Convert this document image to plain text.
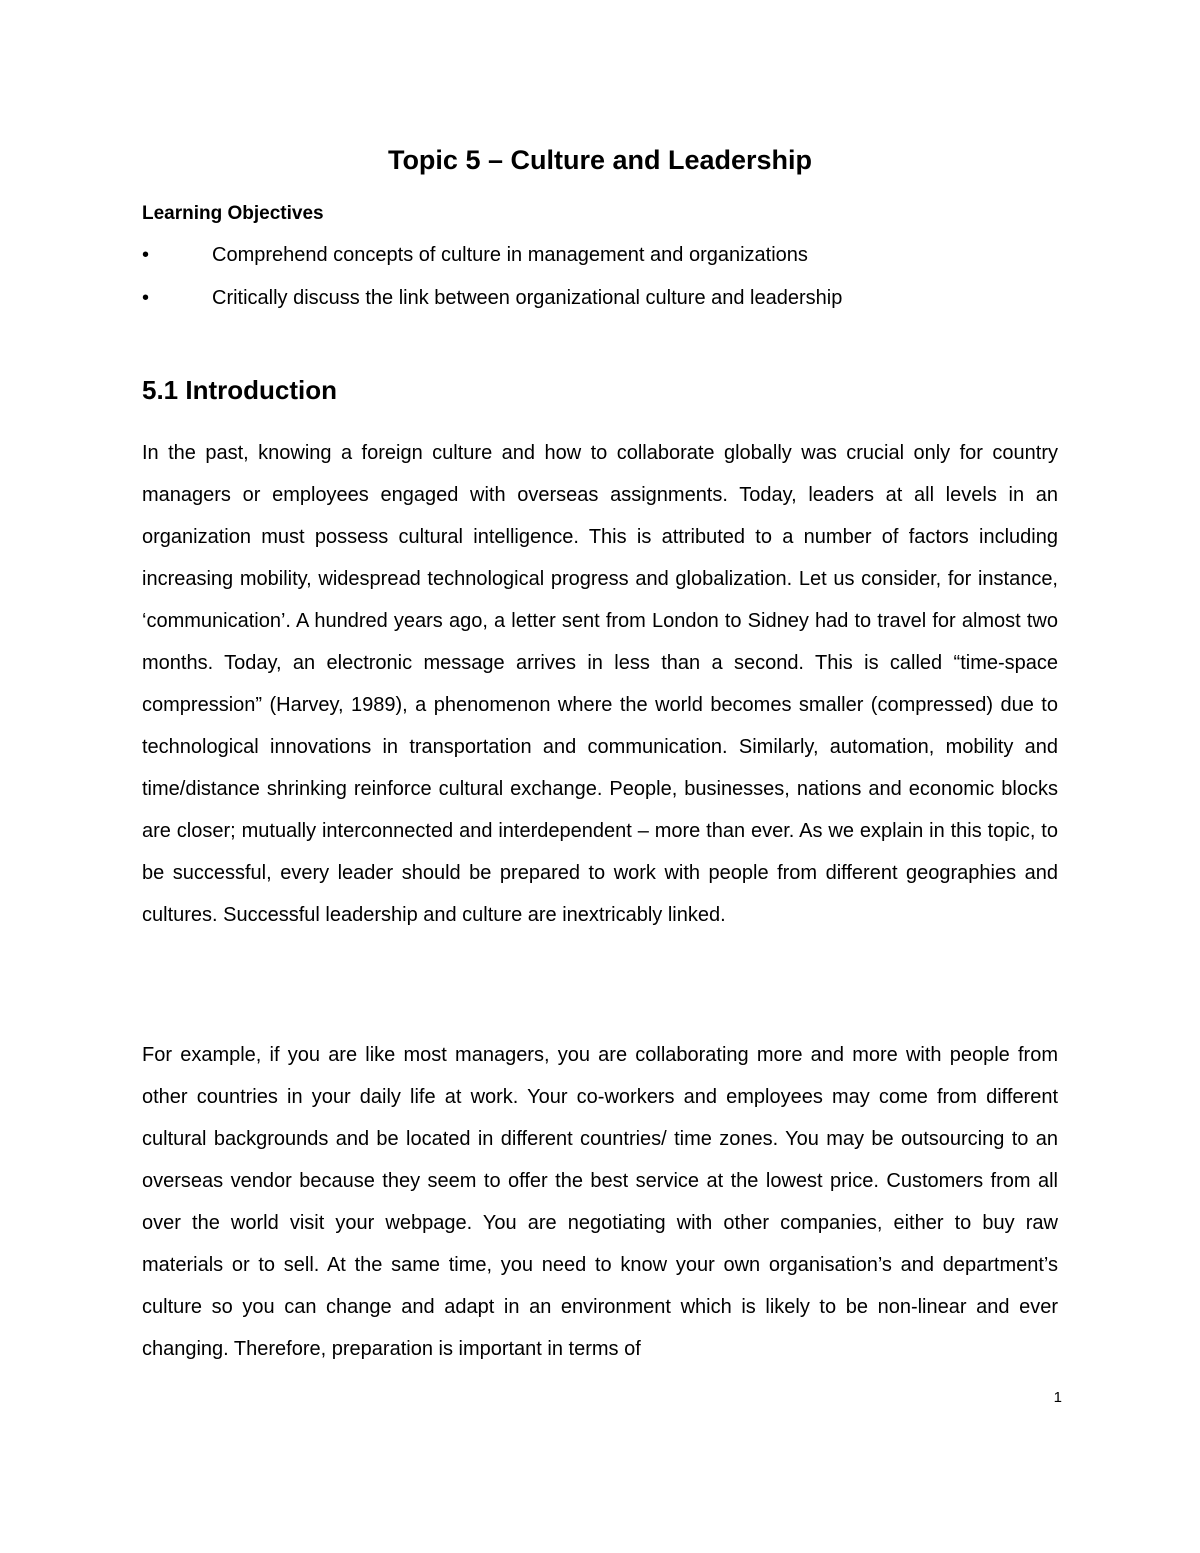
Topic 5 – Culture and Leadership

Learning Objectives

•	Comprehend concepts of culture in management and organizations
•	Critically discuss the link between organizational culture and leadership
5.1 Introduction

In the past, knowing a foreign culture and how to collaborate globally was crucial only for country managers or employees engaged with overseas assignments. Today, leaders at all levels in an organization must possess cultural intelligence. This is attributed to a number of factors including increasing mobility, widespread technological progress and globalization. Let us consider, for instance, ‘communication’. A hundred years ago, a letter sent from London to Sidney had to travel for almost two months. Today, an electronic message arrives in less than a second. This is called “time-space compression” (Harvey, 1989), a phenomenon where the world becomes smaller (compressed) due to technological innovations in transportation and communication. Similarly, automation, mobility and time/distance shrinking reinforce cultural exchange. People, businesses, nations and economic blocks are closer; mutually interconnected and interdependent – more than ever. As we explain in this topic, to be successful, every leader should be prepared to work with people from different geographies and cultures. Successful leadership and culture are inextricably linked.

For example, if you are like most managers, you are collaborating more and more with people from other countries in your daily life at work. Your co-workers and employees may come from different cultural backgrounds and be located in different countries/ time zones. You may be outsourcing to an overseas vendor because they seem to offer the best service at the lowest price. Customers from all over the world visit your webpage. You are negotiating with other companies, either to buy raw materials or to sell. At the same time, you need to know your own organisation’s and department’s culture so you can change and adapt in an environment which is likely to be non-linear and ever changing. Therefore, preparation is important in terms of

1
